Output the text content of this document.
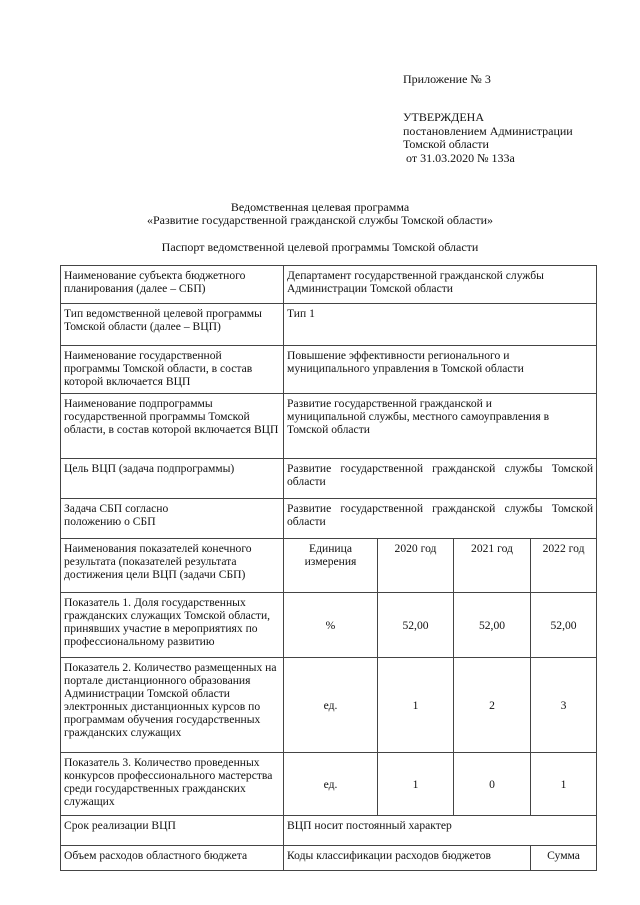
Приложение № 3
УТВЕРЖДЕНА
постановлением Администрации
Томской области
от 31.03.2020 № 133а
Ведомственная целевая программа
«Развитие государственной гражданской службы Томской области»
Паспорт ведомственной целевой программы Томской области
Наименование субъекта бюджетного планирования (далее – СБП)	Департамент государственной гражданской службы Администрации Томской области			
Тип ведомственной целевой программы Томской области (далее – ВЦП)	Тип 1			
Наименование государственной программы Томской области, в состав которой включается ВЦП	Повышение эффективности регионального и муниципального управления в Томской области			
Наименование подпрограммы государственной программы Томской области, в состав которой включается ВЦП	Развитие государственной гражданской и муниципальной службы, местного самоуправления в Томской области			
Цель ВЦП (задача подпрограммы)	Развитие государственной гражданской службы Томской области			
Задача СБП согласно положению о СБП	Развитие государственной гражданской службы Томской области			
Наименования показателей конечного результата (показателей результата достижения цели ВЦП (задачи СБП)	Единица измерения	2020 год	2021 год	2022 год
Показатель 1. Доля государственных гражданских служащих Томской области, принявших участие в мероприятиях по профессиональному развитию	%	52,00	52,00	52,00
Показатель 2. Количество размещенных на портале дистанционного образования Администрации Томской области электронных дистанционных курсов по программам обучения государственных гражданских служащих	ед.	1	2	3
Показатель 3. Количество проведенных конкурсов профессионального мастерства среди государственных гражданских служащих	ед.	1	0	1
Срок реализации ВЦП	ВЦП носит постоянный характер			
Объем расходов областного бюджета	Коды классификации расходов бюджетов			Сумма
